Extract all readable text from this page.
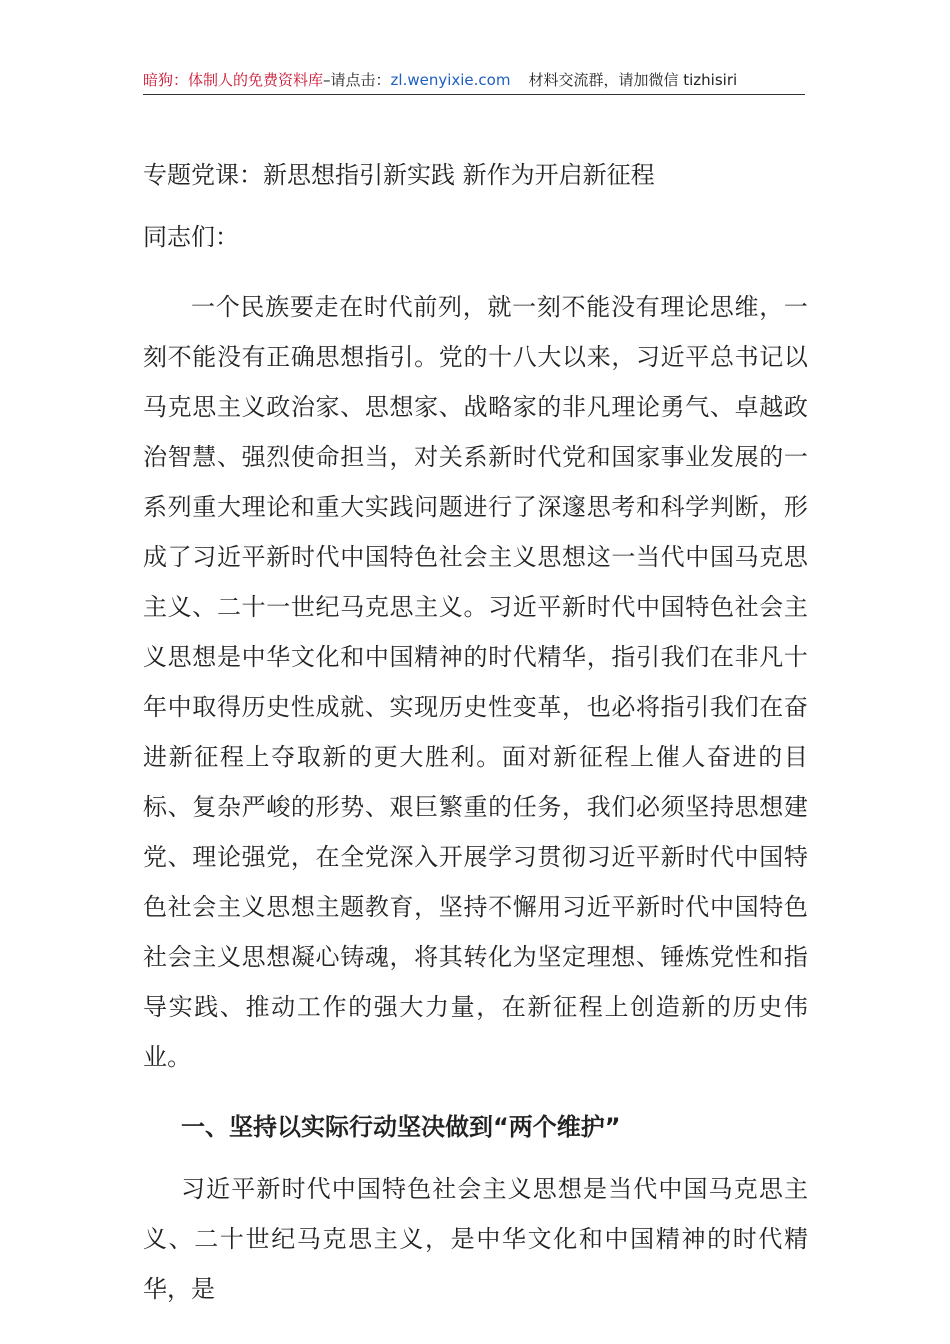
暗狗：体制人的免费资料库–请点击：zl.wenyixie.com 材料交流群，请加微信 tizhisiri
专题党课：新思想指引新实践 新作为开启新征程

同志们：

一个民族要走在时代前列，就一刻不能没有理论思维，一刻不能没有正确思想指引。党的十八大以来，习近平总书记以马克思主义政治家、思想家、战略家的非凡理论勇气、卓越政治智慧、强烈使命担当，对关系新时代党和国家事业发展的一系列重大理论和重大实践问题进行了深邃思考和科学判断，形成了习近平新时代中国特色社会主义思想这一当代中国马克思主义、二十一世纪马克思主义。习近平新时代中国特色社会主义思想是中华文化和中国精神的时代精华，指引我们在非凡十年中取得历史性成就、实现历史性变革，也必将指引我们在奋进新征程上夺取新的更大胜利。面对新征程上催人奋进的目标、复杂严峻的形势、艰巨繁重的任务，我们必须坚持思想建党、理论强党，在全党深入开展学习贯彻习近平新时代中国特色社会主义思想主题教育，坚持不懈用习近平新时代中国特色社会主义思想凝心铸魂，将其转化为坚定理想、锤炼党性和指导实践、推动工作的强大力量，在新征程上创造新的历史伟业。

一、坚持以实际行动坚决做到“两个维护”

习近平新时代中国特色社会主义思想是当代中国马克思主义、二十世纪马克思主义，是中华文化和中国精神的时代精华，是
